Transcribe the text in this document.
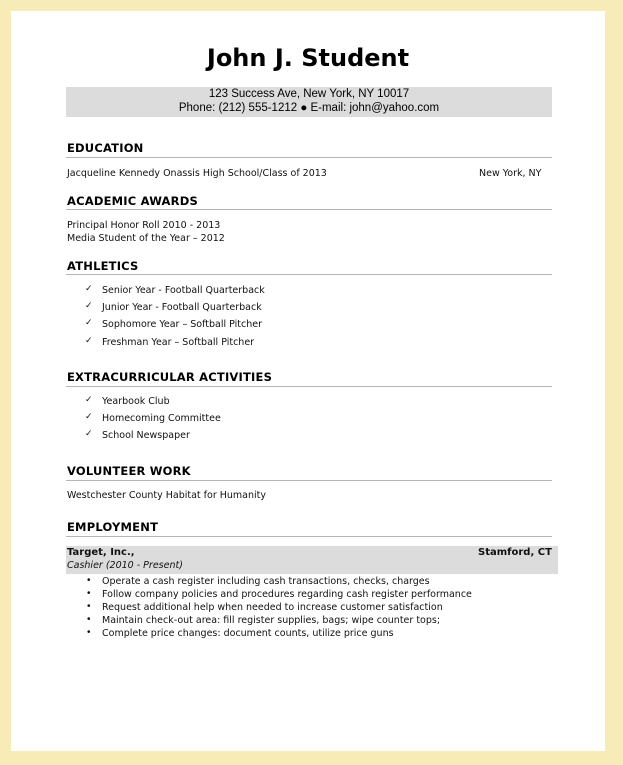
John J. Student
123 Success Ave, New York, NY 10017
Phone: (212) 555-1212 ● E-mail: john@yahoo.com
EDUCATION
Jacqueline Kennedy Onassis High School/Class of 2013	New York, NY
ACADEMIC AWARDS
Principal Honor Roll 2010 - 2013
Media Student of the Year – 2012
ATHLETICS
✓ Senior Year - Football Quarterback
✓ Junior Year - Football Quarterback
✓ Sophomore Year – Softball Pitcher
✓ Freshman Year – Softball Pitcher
EXTRACURRICULAR ACTIVITIES
✓ Yearbook Club
✓ Homecoming Committee
✓ School Newspaper
VOLUNTEER WORK
Westchester County Habitat for Humanity
EMPLOYMENT
Target, Inc.,	Stamford, CT
Cashier (2010 - Present)
• Operate a cash register including cash transactions, checks, charges
• Follow company policies and procedures regarding cash register performance
• Request additional help when needed to increase customer satisfaction
• Maintain check-out area: fill register supplies, bags; wipe counter tops;
• Complete price changes: document counts, utilize price guns
